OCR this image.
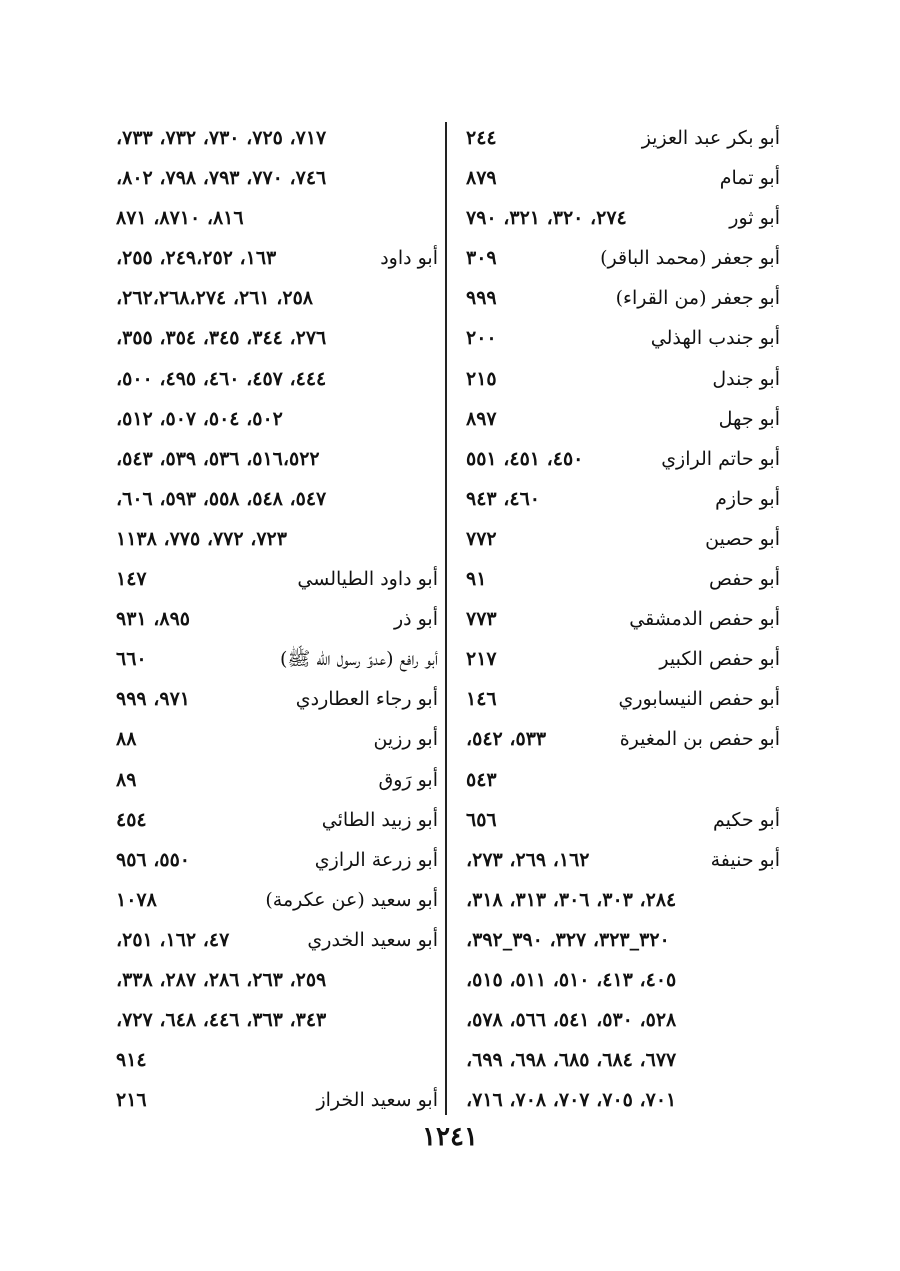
أبو بكر عبد العزيز
٢٤٤
أبو تمام
٨٧٩
أبو ثور
٢٧٤، ٣٢٠، ٣٢١، ٧٩٠
أبو جعفر (محمد الباقر)
٣٠٩
أبو جعفر (من القراء)
٩٩٩
أبو جندب الهذلي
٢٠٠
أبو جندل
٢١٥
أبو جهل
٨٩٧
أبو حاتم الرازي
٤٥٠، ٤٥١، ٥٥١
أبو حازم
٤٦٠، ٩٤٣
أبو حصين
٧٧٢
أبو حفص
٩١
أبو حفص الدمشقي
٧٧٣
أبو حفص الكبير
٢١٧
أبو حفص النيسابوري
١٤٦
أبو حفص بن المغيرة
٥٣٣، ٥٤٢،
٥٤٣
أبو حكيم
٦٥٦
أبو حنيفة
١٦٢، ٢٦٩، ٢٧٣،
٢٨٤، ٣٠٣، ٣٠٦، ٣١٣، ٣١٨،
٣٢٠_٣٢٣، ٣٢٧، ٣٩٠_٣٩٢،
٤٠٥، ٤١٣، ٥١٠، ٥١١، ٥١٥،
٥٢٨، ٥٣٠، ٥٤١، ٥٦٦، ٥٧٨،
٦٧٧، ٦٨٤، ٦٨٥، ٦٩٨، ٦٩٩،
٧٠١، ٧٠٥، ٧٠٧، ٧٠٨، ٧١٦،
٧١٧، ٧٢٥، ٧٣٠، ٧٣٢، ٧٣٣،
٧٤٦، ٧٧٠، ٧٩٣، ٧٩٨، ٨٠٢،
٨١٦، ٨٧١٠، ٨٧١
أبو داود
١٦٣، ٢٤٩،٢٥٢، ٢٥٥،
٢٥٨، ٢٦١، ٢٦٢،٢٦٨،٢٧٤،
٢٧٦، ٣٤٤، ٣٤٥، ٣٥٤، ٣٥٥،
٤٤٤، ٤٥٧، ٤٦٠، ٤٩٥، ٥٠٠،
٥٠٢، ٥٠٤، ٥٠٧، ٥١٢،
٥١٦،٥٢٢، ٥٣٦، ٥٣٩، ٥٤٣،
٥٤٧، ٥٤٨، ٥٥٨، ٥٩٣، ٦٠٦،
٧٢٣، ٧٧٢، ٧٧٥، ١١٣٨
أبو داود الطيالسي
١٤٧
أبو ذر
٨٩٥، ٩٣١
أبو رافع (عدوّ رسول الله ﷺ)
٦٦٠
أبو رجاء العطاردي
٩٧١، ٩٩٩
أبو رزين
٨٨
أبو رَوق
٨٩
أبو زبيد الطائي
٤٥٤
أبو زرعة الرازي
٥٥٠، ٩٥٦
أبو سعيد (عن عكرمة)
١٠٧٨
أبو سعيد الخدري
٤٧، ١٦٢، ٢٥١،
٢٥٩، ٢٦٣، ٢٨٦، ٢٨٧، ٣٣٨،
٣٤٣، ٣٦٣، ٤٤٦، ٦٤٨، ٧٢٧،
٩١٤
أبو سعيد الخراز
٢١٦
١٢٤١
